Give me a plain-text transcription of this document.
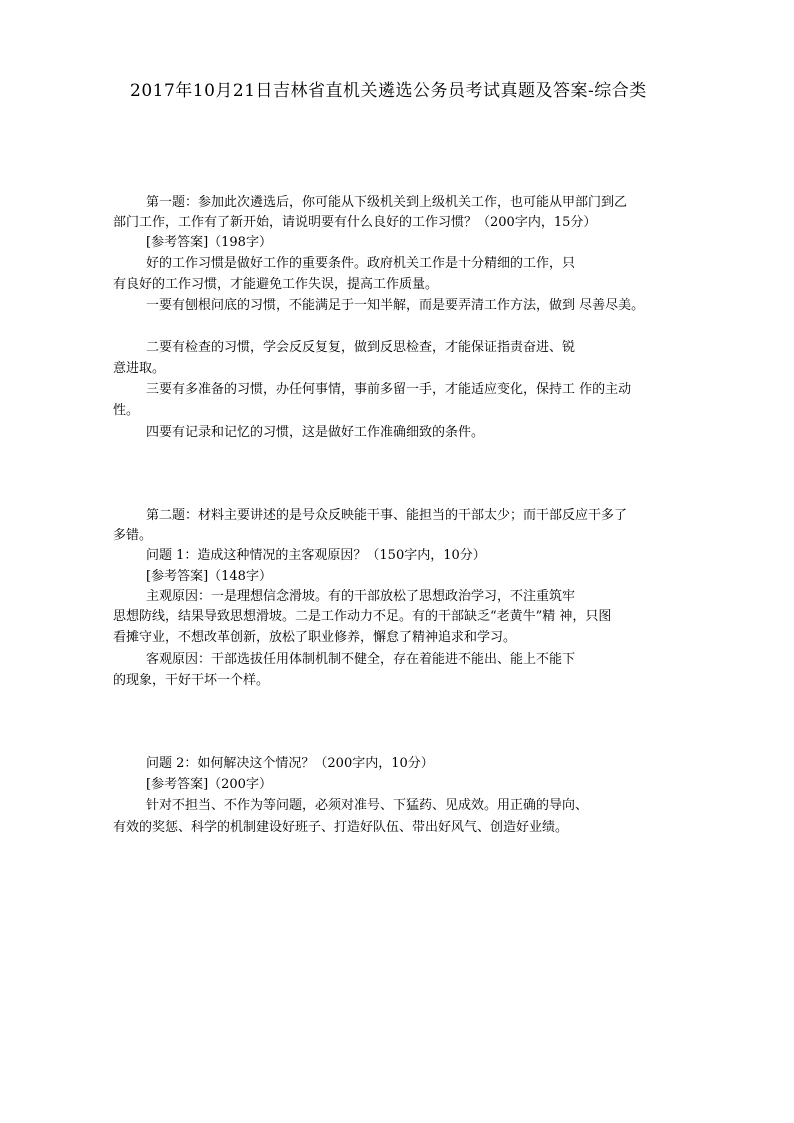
2017年10月21日吉林省直机关遴选公务员考试真题及答案-综合类
第一题：参加此次遴选后，你可能从下级机关到上级机关工作，也可能从甲部门到乙
部门工作，工作有了新开始，请说明要有什么良好的工作习惯？（200字内，15分）
[参考答案]（198字）
好的工作习惯是做好工作的重要条件。政府机关工作是十分精细的工作，只
有良好的工作习惯，才能避免工作失误，提高工作质量。
一要有刨根问底的习惯，不能满足于一知半解，而是要弄清工作方法，做到 尽善尽美。
二要有检查的习惯，学会反反复复，做到反思检查，才能保证指责奋进、锐
意进取。
三要有多准备的习惯，办任何事情，事前多留一手，才能适应变化，保持工 作的主动
性。
四要有记录和记忆的习惯，这是做好工作准确细致的条件。
第二题：材料主要讲述的是号众反映能干事、能担当的干部太少；而干部反应干多了
多错。
问题 1：造成这种情况的主客观原因？（150字内，10分）
[参考答案]（148字）
主观原因：一是理想信念滑坡。有的干部放松了思想政治学习，不注重筑牢
思想防线，结果导致思想滑坡。二是工作动力不足。有的干部缺乏“老黄牛”精 神，只图
看摊守业，不想改革创新，放松了职业修养，懈怠了精神追求和学习。
客观原因：干部选拔任用体制机制不健全，存在着能进不能出、能上不能下
的现象，干好干坏一个样。
问题 2：如何解决这个情况？（200字内，10分）
[参考答案]（200字）
针对不担当、不作为等问题，必须对准号、下猛药、见成效。用正确的导向、
有效的奖惩、科学的机制建设好班子、打造好队伍、带出好风气、创造好业绩。
